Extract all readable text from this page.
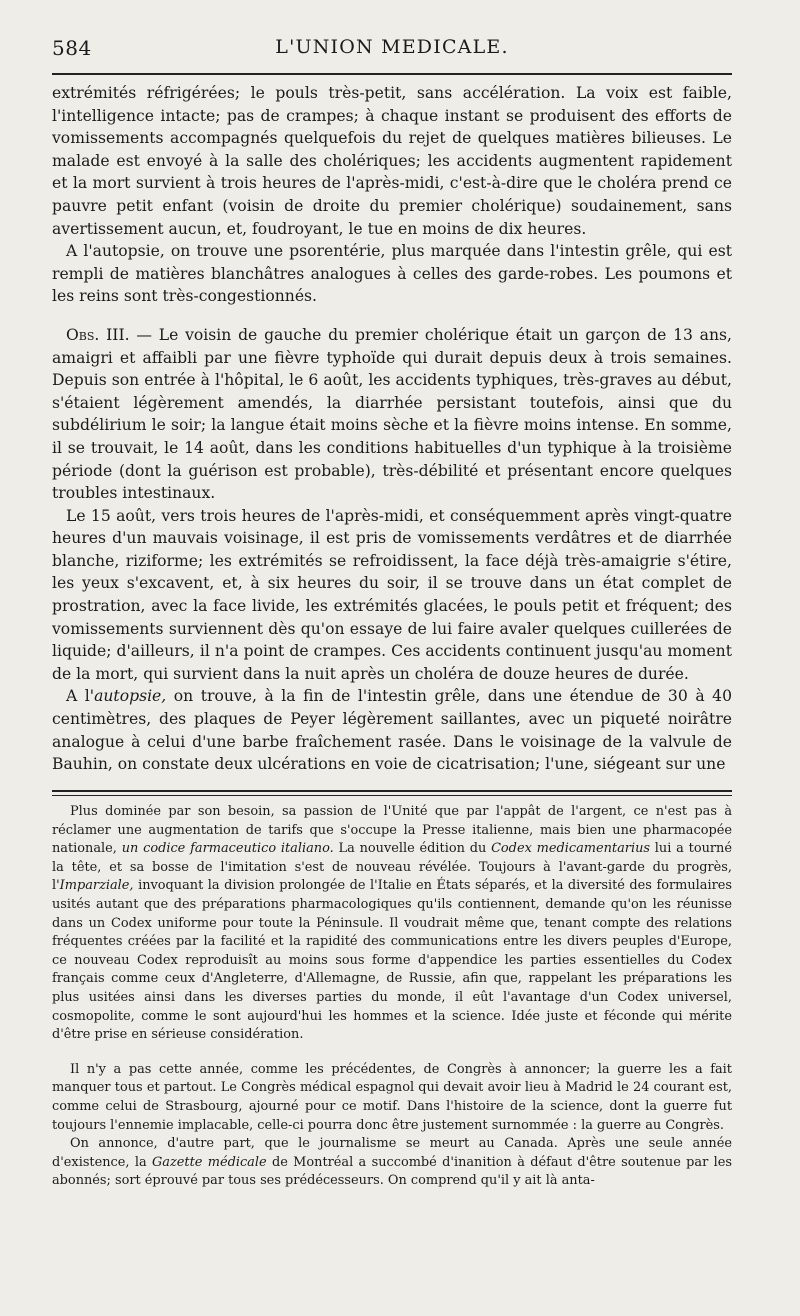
584	L'UNION MEDICALE.

extrémités réfrigérées; le pouls très-petit, sans accélération. La voix est faible, l'intelligence intacte; pas de crampes; à chaque instant se produisent des efforts de vomissements accompagnés quelquefois du rejet de quelques matières bilieuses. Le malade est envoyé à la salle des cholériques; les accidents augmentent rapidement et la mort survient à trois heures de l'après-midi, c'est-à-dire que le choléra prend ce pauvre petit enfant (voisin de droite du premier cholérique) soudainement, sans avertissement aucun, et, foudroyant, le tue en moins de dix heures.

A l'autopsie, on trouve une psorentérie, plus marquée dans l'intestin grêle, qui est rempli de matières blanchâtres analogues à celles des garde-robes. Les poumons et les reins sont très-congestionnés.

Obs. III. — Le voisin de gauche du premier cholérique était un garçon de 13 ans, amaigri et affaibli par une fièvre typhoïde qui durait depuis deux à trois semaines. Depuis son entrée à l'hôpital, le 6 août, les accidents typhiques, très-graves au début, s'étaient légèrement amendés, la diarrhée persistant toutefois, ainsi que du subdélirium le soir; la langue était moins sèche et la fièvre moins intense. En somme, il se trouvait, le 14 août, dans les conditions habituelles d'un typhique à la troisième période (dont la guérison est probable), très-débilité et présentant encore quelques troubles intestinaux.

Le 15 août, vers trois heures de l'après-midi, et conséquemment après vingt-quatre heures d'un mauvais voisinage, il est pris de vomissements verdâtres et de diarrhée blanche, riziforme; les extrémités se refroidissent, la face déjà très-amaigrie s'étire, les yeux s'excavent, et, à six heures du soir, il se trouve dans un état complet de prostration, avec la face livide, les extrémités glacées, le pouls petit et fréquent; des vomissements surviennent dès qu'on essaye de lui faire avaler quelques cuillerées de liquide; d'ailleurs, il n'a point de crampes. Ces accidents continuent jusqu'au moment de la mort, qui survient dans la nuit après un choléra de douze heures de durée.

A l'autopsie, on trouve, à la fin de l'intestin grêle, dans une étendue de 30 à 40 centimètres, des plaques de Peyer légèrement saillantes, avec un piqueté noirâtre analogue à celui d'une barbe fraîchement rasée. Dans le voisinage de la valvule de Bauhin, on constate deux ulcérations en voie de cicatrisation; l'une, siégeant sur une

Plus dominée par son besoin, sa passion de l'Unité que par l'appât de l'argent, ce n'est pas à réclamer une augmentation de tarifs que s'occupe la Presse italienne, mais bien une pharmacopée nationale, un codice farmaceutico italiano. La nouvelle édition du Codex medicamentarius lui a tourné la tête, et sa bosse de l'imitation s'est de nouveau révélée. Toujours à l'avant-garde du progrès, l'Imparziale, invoquant la division prolongée de l'Italie en États séparés, et la diversité des formulaires usités autant que des préparations pharmacologiques qu'ils contiennent, demande qu'on les réunisse dans un Codex uniforme pour toute la Péninsule. Il voudrait même que, tenant compte des relations fréquentes créées par la facilité et la rapidité des communications entre les divers peuples d'Europe, ce nouveau Codex reproduisît au moins sous forme d'appendice les parties essentielles du Codex français comme ceux d'Angleterre, d'Allemagne, de Russie, afin que, rappelant les préparations les plus usitées ainsi dans les diverses parties du monde, il eût l'avantage d'un Codex universel, cosmopolite, comme le sont aujourd'hui les hommes et la science. Idée juste et féconde qui mérite d'être prise en sérieuse considération.

Il n'y a pas cette année, comme les précédentes, de Congrès à annoncer; la guerre les a fait manquer tous et partout. Le Congrès médical espagnol qui devait avoir lieu à Madrid le 24 courant est, comme celui de Strasbourg, ajourné pour ce motif. Dans l'histoire de la science, dont la guerre fut toujours l'ennemie implacable, celle-ci pourra donc être justement surnommée : la guerre au Congrès.

On annonce, d'autre part, que le journalisme se meurt au Canada. Après une seule année d'existence, la Gazette médicale de Montréal a succombé d'inanition à défaut d'être soutenue par les abonnés; sort éprouvé par tous ses prédécesseurs. On comprend qu'il y ait là anta-
